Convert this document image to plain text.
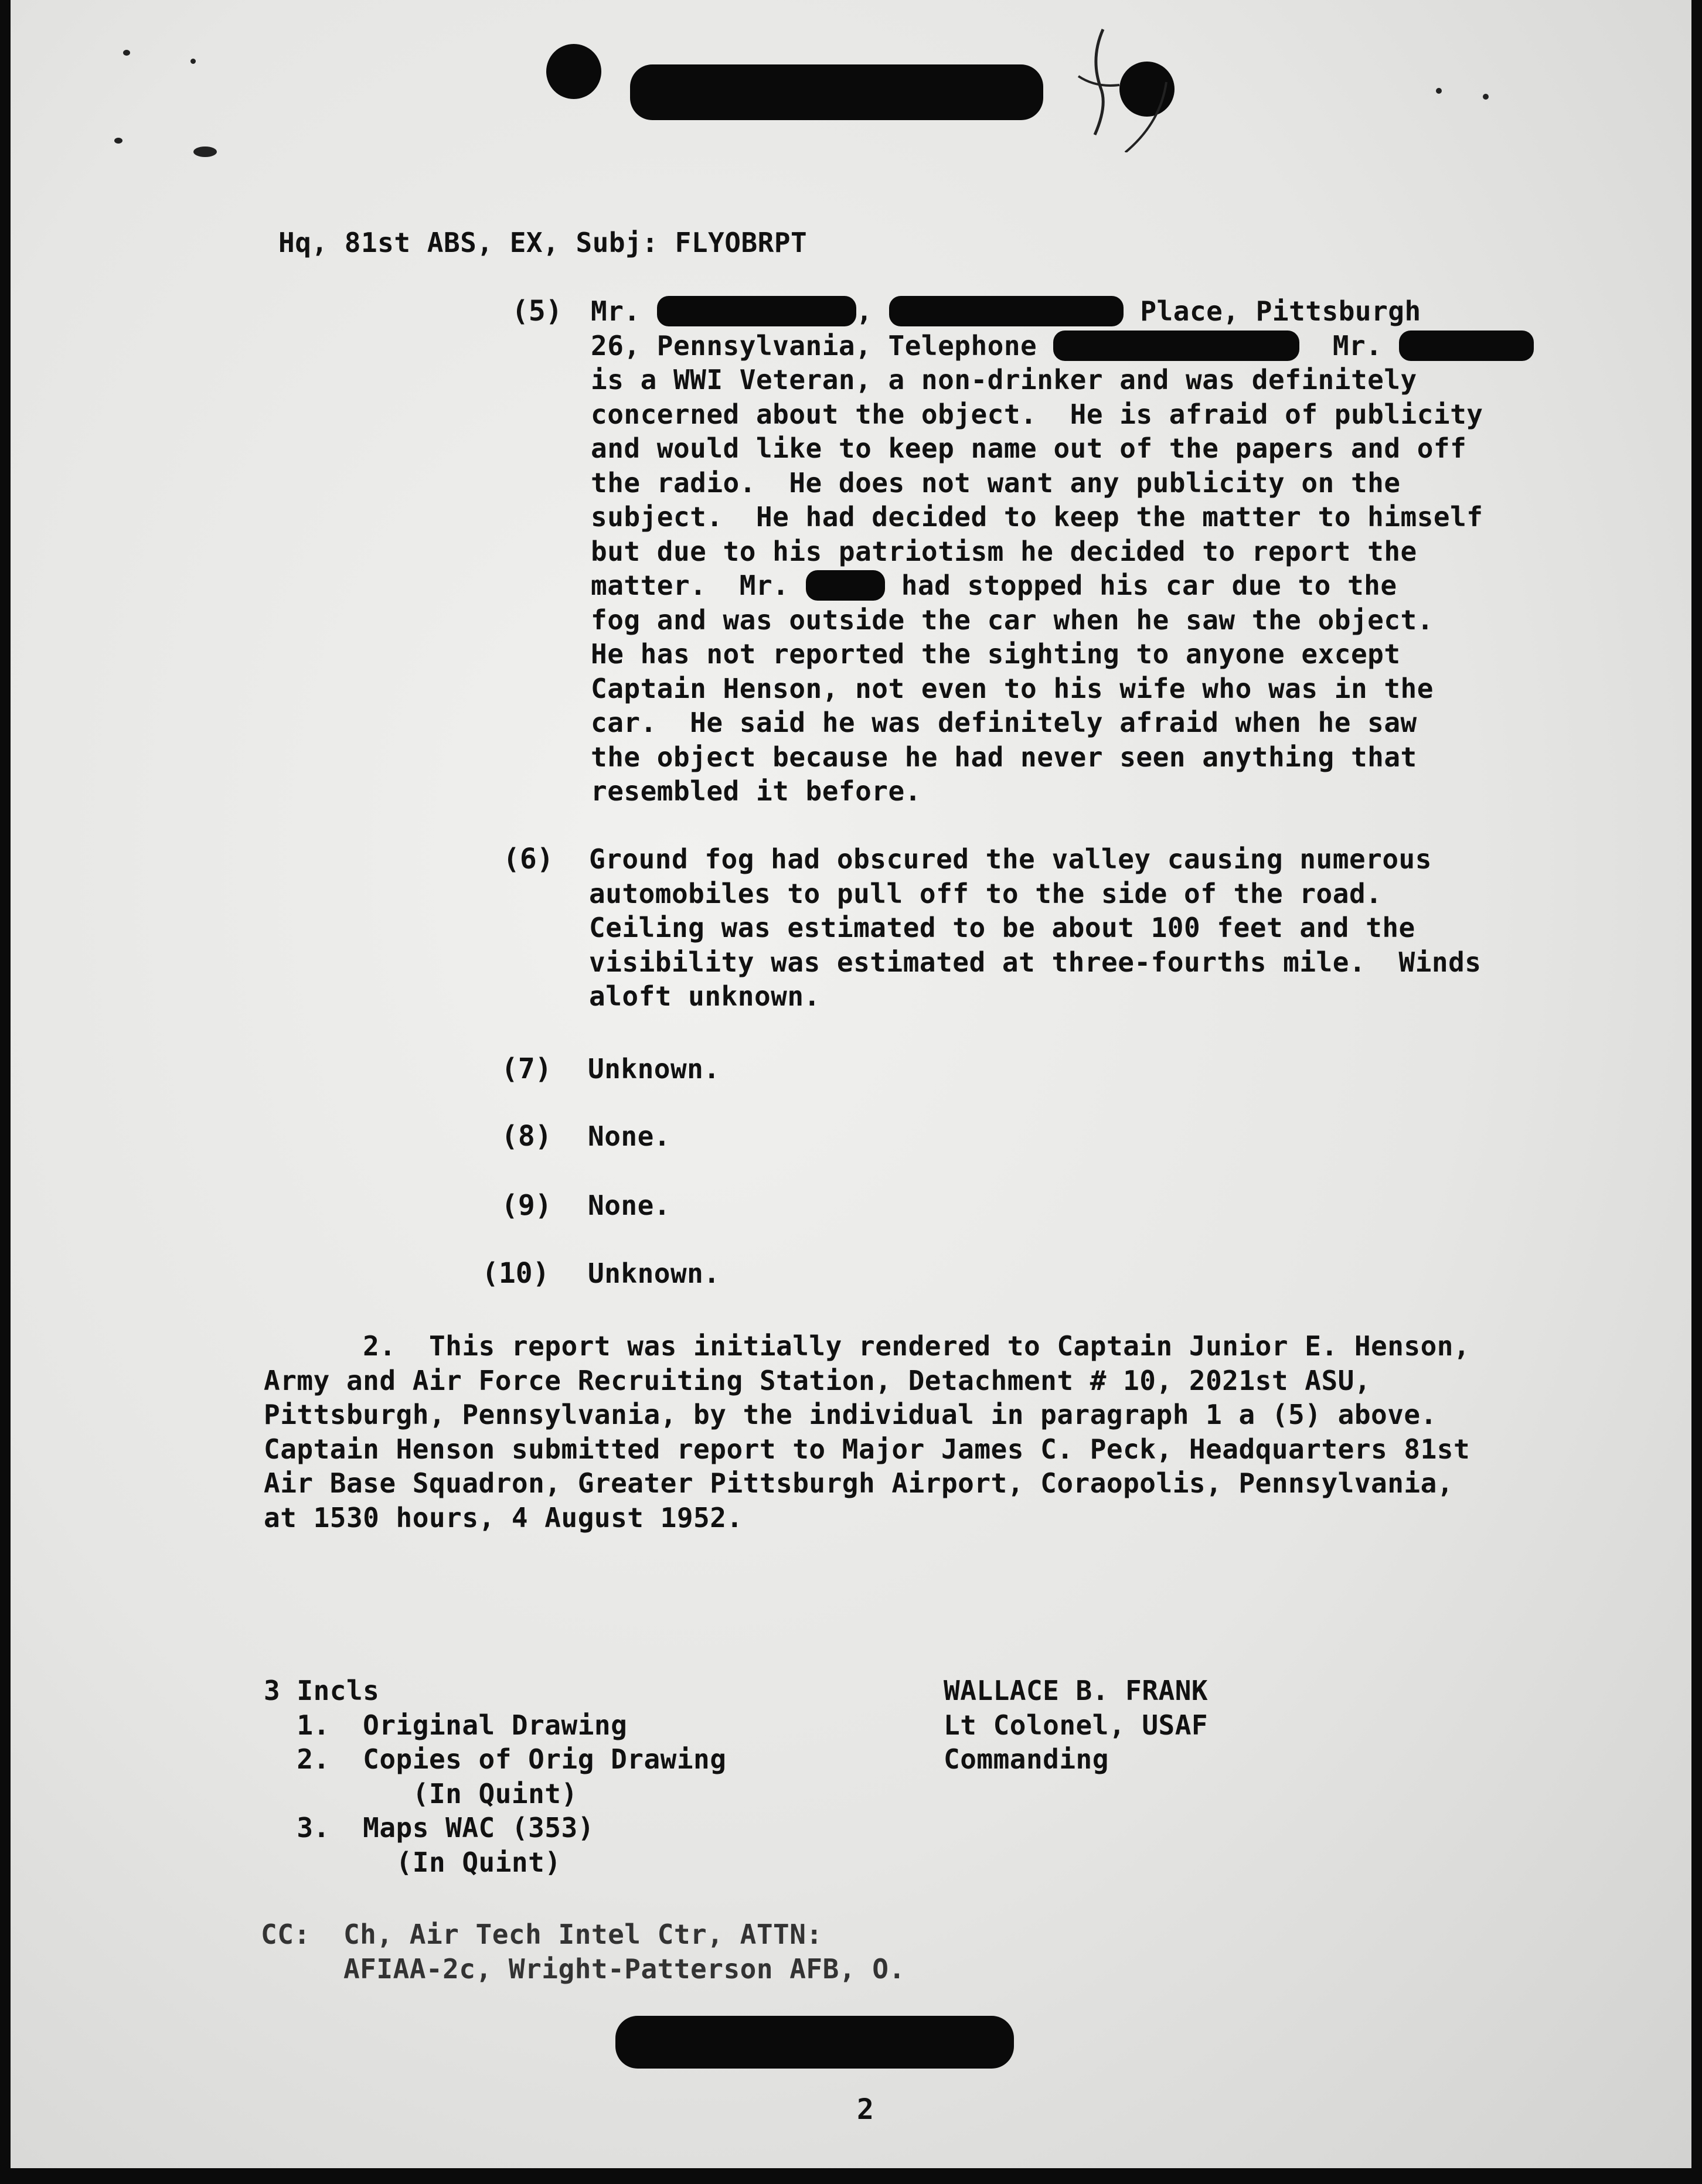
Hq, 81st ABS, EX, Subj: FLYOBRPT
(5) Mr.	,	Place, Pittsburgh
26, Pennsylvania, Telephone	Mr.
is a WWI Veteran, a non-drinker and was definitely
concerned about the object.  He is afraid of publicity
and would like to keep name out of the papers and off
the radio.  He does not want any publicity on the
subject.  He had decided to keep the matter to himself
but due to his patriotism he decided to report the
matter.  Mr.	had stopped his car due to the
fog and was outside the car when he saw the object.
He has not reported the sighting to anyone except
Captain Henson, not even to his wife who was in the
car.  He said he was definitely afraid when he saw
the object because he had never seen anything that
resembled it before.
(6) Ground fog had obscured the valley causing numerous
automobiles to pull off to the side of the road.
Ceiling was estimated to be about 100 feet and the
visibility was estimated at three-fourths mile.  Winds
aloft unknown.
(7) Unknown.
(8) None.
(9) None.
(10) Unknown.
2.  This report was initially rendered to Captain Junior E. Henson,
Army and Air Force Recruiting Station, Detachment # 10, 2021st ASU,
Pittsburgh, Pennsylvania, by the individual in paragraph 1 a (5) above.
Captain Henson submitted report to Major James C. Peck, Headquarters 81st
Air Base Squadron, Greater Pittsburgh Airport, Coraopolis, Pennsylvania,
at 1530 hours, 4 August 1952.
3 Incls
1.  Original Drawing
2.  Copies of Orig Drawing
(In Quint)
3.  Maps WAC (353)
(In Quint)
WALLACE B. FRANK
Lt Colonel, USAF
Commanding
CC:  Ch, Air Tech Intel Ctr, ATTN:
AFIAA-2c, Wright-Patterson AFB, O.
2
